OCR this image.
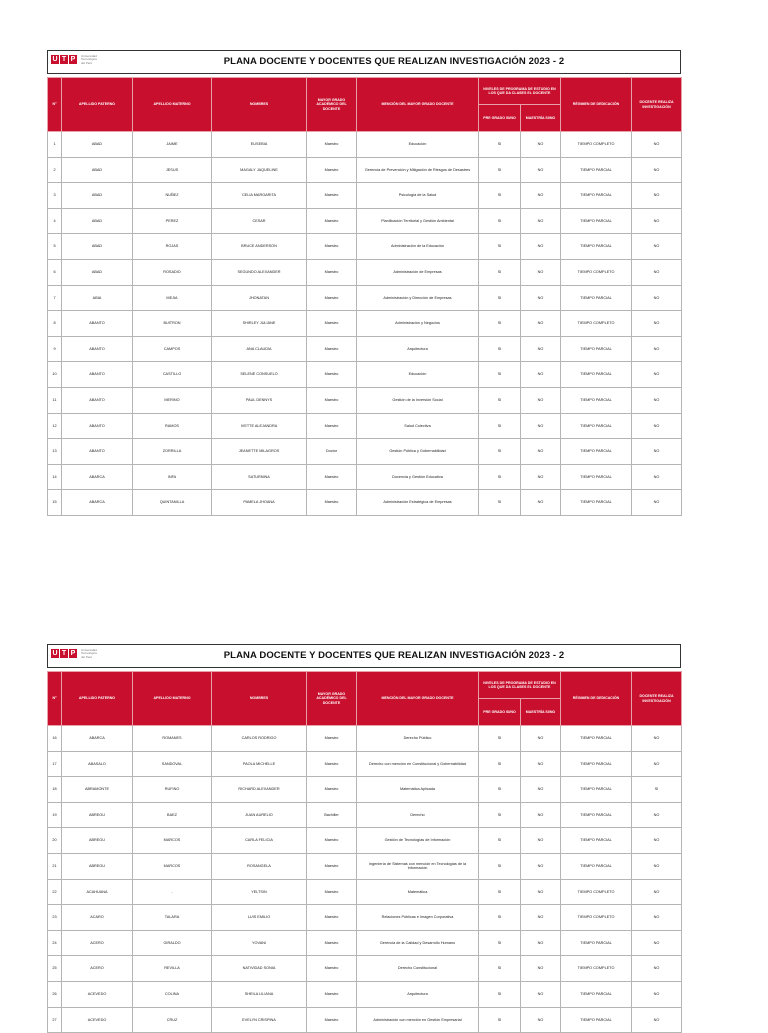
U T P
Universidad Tecnológica del Perú	PLANA DOCENTE Y DOCENTES QUE REALIZAN INVESTIGACIÓN 2023 - 2
N°	APELLIDO PATERNO	APELLIDO MATERNO	NOMBRES	MAYOR GRADO ACADÉMICO DEL DOCENTE	MENCIÓN DEL MAYOR GRADO DOCENTE	NIVELES DE PROGRAMA DE ESTUDIO EN LOS QUE DA CLASES EL DOCENTE		RÉGIMEN DE DEDICACIÓN	DOCENTE REALIZA INVESTIGACIÓN
						PRE GRADO SI/NO	MAESTRÍA SI/NO		
1	ABAD	JAIME	EUSEBIA	Maestro	Educación	SI	NO	TIEMPO COMPLETO	NO
2	ABAD	JESUS	MAGALY JAQUELINE	Maestro	Gerencia de Prevención y Mitigación de Riesgos de Desastres	SI	NO	TIEMPO PARCIAL	NO
3	ABAD	NUÑEZ	CELIA MARGARITA	Maestro	Psicología de la Salud	SI	NO	TIEMPO PARCIAL	NO
4	ABAD	PEREZ	CESAR	Maestro	Planificación Territorial y Gestión Ambiental	SI	NO	TIEMPO PARCIAL	NO
5	ABAD	ROJAS	BRUCE ANDERSON	Maestro	Administración de la Educación	SI	NO	TIEMPO PARCIAL	NO
6	ABAD	ROSADIO	SEGUNDO ALEXANDER	Maestro	Administración de Empresas	SI	NO	TIEMPO COMPLETO	NO
7	ABIA	MEJIA	JHONATAN	Maestro	Administración y Dirección de Empresas	SI	NO	TIEMPO PARCIAL	NO
8	ABANTO	BUITRON	SHIRLEY JULIANE	Maestro	Administración y Negocios	SI	NO	TIEMPO COMPLETO	NO
9	ABANTO	CAMPOS	ANA CLAUDIA	Maestro	Arquitectura	SI	NO	TIEMPO PARCIAL	NO
10	ABANTO	CASTILLO	SELENE CONSUELO	Maestro	Educación	SI	NO	TIEMPO PARCIAL	NO
11	ABANTO	MERINO	PAUL DENNYS	Maestro	Gestión de la Inversión Social	SI	NO	TIEMPO PARCIAL	NO
12	ABANTO	RAMOS	IVETTE ALEJANDRA	Maestro	Salud Colectiva	SI	NO	TIEMPO PARCIAL	NO
13	ABANTO	ZORRILLA	JEANETTE MILAGROS	Doctor	Gestión Pública y Gobernabilidad	SI	NO	TIEMPO PARCIAL	NO
14	ABARCA	INFA	SATURNINA	Maestro	Docencia y Gestión Educativa	SI	NO	TIEMPO PARCIAL	NO
15	ABARCA	QUINTANILLA	PAMELA JHOANA	Maestro	Administración Estratégica de Empresas	SI	NO	TIEMPO PARCIAL	NO
U T P
Universidad Tecnológica del Perú	PLANA DOCENTE Y DOCENTES QUE REALIZAN INVESTIGACIÓN 2023 - 2
N°	APELLIDO PATERNO	APELLIDO MATERNO	NOMBRES	MAYOR GRADO ACADÉMICO DEL DOCENTE	MENCIÓN DEL MAYOR GRADO DOCENTE	NIVELES DE PROGRAMA DE ESTUDIO EN LOS QUE DA CLASES EL DOCENTE		RÉGIMEN DE DEDICACIÓN	DOCENTE REALIZA INVESTIGACIÓN
						PRE GRADO SI/NO	MAESTRÍA SI/NO		
16	ABARCA	ROMANES	CARLOS RODRIGO	Maestro	Derecho Público	SI	NO	TIEMPO PARCIAL	NO
17	ABASALO	SANDOVAL	PAOLA MICHELLE	Maestro	Derecho con mención en Constitucional y Gobernabilidad	SI	NO	TIEMPO PARCIAL	NO
18	ABRAMONTE	RUFINO	RICHARD ALEXANDER	Maestro	Matemática Aplicada	SI	NO	TIEMPO PARCIAL	SI
19	ABREGU	BAEZ	JUAN AURELIO	Bachiller	Derecho	SI	NO	TIEMPO PARCIAL	NO
20	ABREGU	MARCOS	CARLA FELICIA	Maestro	Gestión de Tecnologías de Información	SI	NO	TIEMPO PARCIAL	NO
21	ABREGU	MARCOS	ROSANGELA	Maestro	Ingeniería de Sistemas con mención en Tecnologías de la Información	SI	NO	TIEMPO PARCIAL	NO
22	ACAHUANA	-	YELTSIN	Maestro	Matemática	SI	NO	TIEMPO COMPLETO	NO
23	ACARO	TALARA	LUIS EMILIO	Maestro	Relaciones Públicas e Imagen Corporativa	SI	NO	TIEMPO COMPLETO	NO
24	ACERO	GIRALDO	YOVANI	Maestro	Gerencia de la Calidad y Desarrollo Humano	SI	NO	TIEMPO PARCIAL	NO
25	ACERO	REVILLA	NATIVIDAD SONIA	Maestro	Derecho Constitucional	SI	NO	TIEMPO COMPLETO	NO
26	ACEVEDO	COLINA	SHEILA LILIANA	Maestro	Arquitectura	SI	NO	TIEMPO PARCIAL	NO
27	ACEVEDO	CRUZ	EVELYN CRISPINA	Maestro	Administración con mención en Gestión Empresarial	SI	NO	TIEMPO PARCIAL	NO
